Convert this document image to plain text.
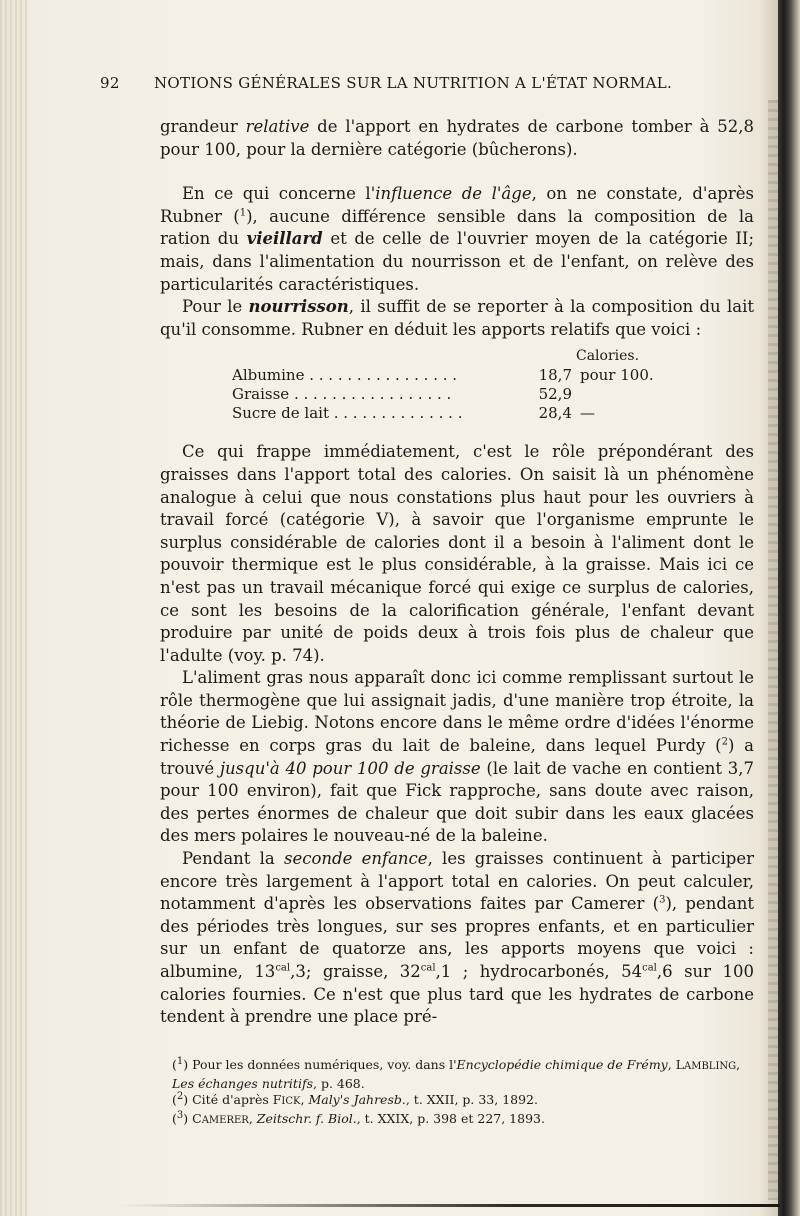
92 NOTIONS GÉNÉRALES SUR LA NUTRITION A L'ÉTAT NORMAL.

grandeur relative de l'apport en hydrates de carbone tomber à 52,8 pour 100, pour la dernière catégorie (bûcherons).

En ce qui concerne l'influence de l'âge, on ne constate, d'après Rubner ($^1$), aucune différence sensible dans la composition de la ration du vieillard et de celle de l'ouvrier moyen de la catégorie II; mais, dans l'alimentation du nourrisson et de l'enfant, on relève des particularités caractéristiques.

Pour le nourrisson, il suffit de se reporter à la composition du lait qu'il consomme. Rubner en déduit les apports relatifs que voici :

Calories.
Albumine . . . . . . . . . . . . . . . .	18,7 pour 100.
Graisse . . . . . . . . . . . . . . . . .	52,9
Sucre de lait . . . . . . . . . . . . . .	28,4 —

Ce qui frappe immédiatement, c'est le rôle prépondérant des graisses dans l'apport total des calories. On saisit là un phénomène analogue à celui que nous constations plus haut pour les ouvriers à travail forcé (catégorie V), à savoir que l'organisme emprunte le surplus considérable de calories dont il a besoin à l'aliment dont le pouvoir thermique est le plus considérable, à la graisse. Mais ici ce n'est pas un travail mécanique forcé qui exige ce surplus de calories, ce sont les besoins de la calorification générale, l'enfant devant produire par unité de poids deux à trois fois plus de chaleur que l'adulte (voy. p. 74).

L'aliment gras nous apparaît donc ici comme remplissant surtout le rôle thermogène que lui assignait jadis, d'une manière trop étroite, la théorie de Liebig. Notons encore dans le même ordre d'idées l'énorme richesse en corps gras du lait de baleine, dans lequel Purdy ($^2$) a trouvé jusqu'à 40 pour 100 de graisse (le lait de vache en contient 3,7 pour 100 environ), fait que Fick rapproche, sans doute avec raison, des pertes énormes de chaleur que doit subir dans les eaux glacées des mers polaires le nouveau-né de la baleine.

Pendant la seconde enfance, les graisses continuent à participer encore très largement à l'apport total en calories. On peut calculer, notamment d'après les observations faites par Camerer ($^3$), pendant des périodes très longues, sur ses propres enfants, et en particulier sur un enfant de quatorze ans, les apports moyens que voici : albumine, $13^{cal},3$; graisse, $32^{cal},1$ ; hydrocarbonés, $54^{cal},6$ sur 100 calories fournies. Ce n'est que plus tard que les hydrates de carbone tendent à prendre une place pré-

($^1$) Pour les données numériques, voy. dans l'Encyclopédie chimique de Frémy, LAMBLING, Les échanges nutritifs, p. 468.
($^2$) Cité d'après FICK, Maly's Jahresb., t. XXII, p. 33, 1892.
($^3$) CAMERER, Zeitschr. f. Biol., t. XXIX, p. 398 et 227, 1893.
